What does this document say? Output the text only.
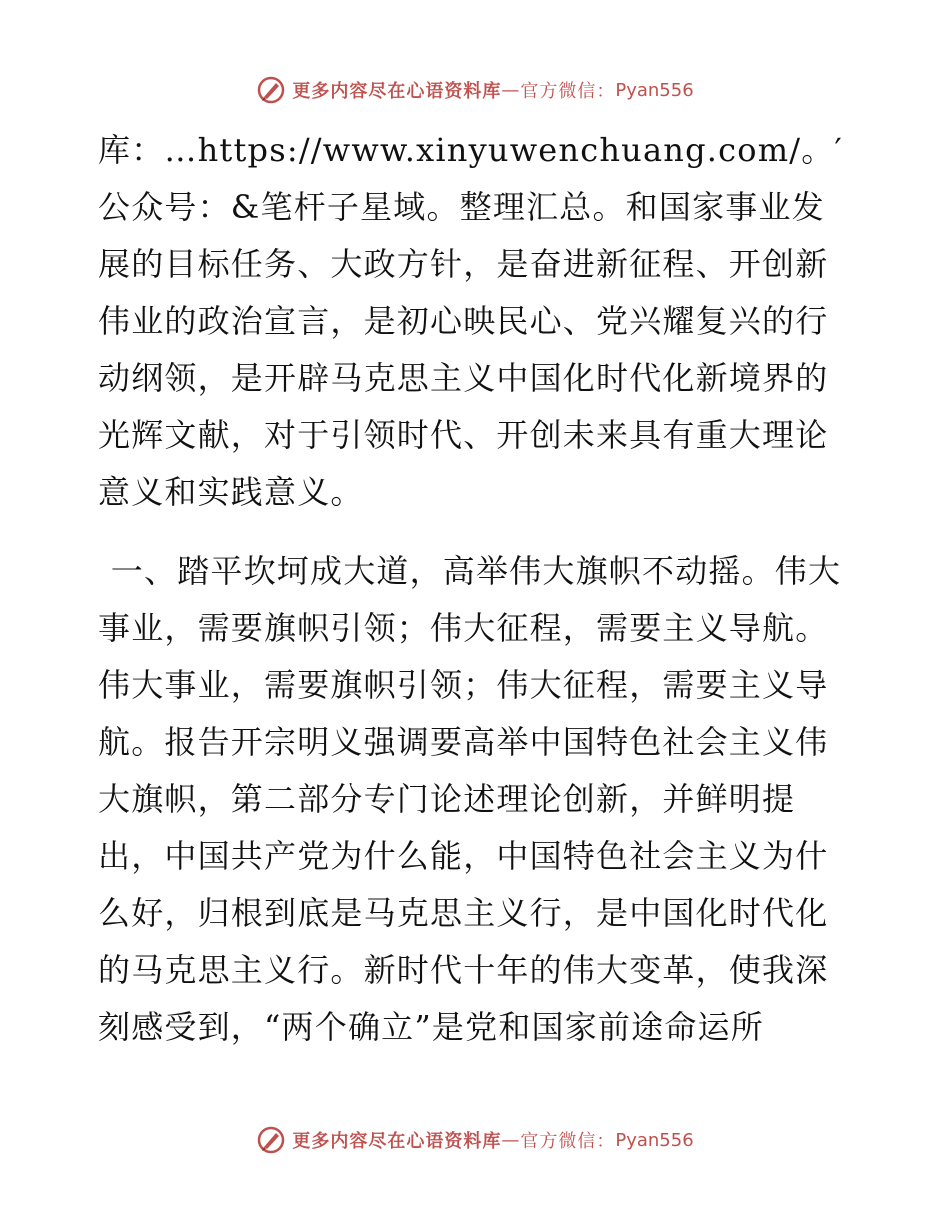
更多内容尽在心语资料库 — 官方微信： Pyan556

库：…https://www.xinyuwenchuang.com/。′公众号：&笔杆子星域。整理汇总。和国家事业发展的目标任务、大政方针，是奋进新征程、开创新伟业的政治宣言，是初心映民心、党兴耀复兴的行动纲领，是开辟马克思主义中国化时代化新境界的光辉文献，对于引领时代、开创未来具有重大理论意义和实践意义。

一、踏平坎坷成大道，高举伟大旗帜不动摇。伟大事业，需要旗帜引领；伟大征程，需要主义导航。伟大事业，需要旗帜引领；伟大征程，需要主义导航。报告开宗明义强调要高举中国特色社会主义伟大旗帜，第二部分专门论述理论创新，并鲜明提出，中国共产党为什么能，中国特色社会主义为什么好，归根到底是马克思主义行，是中国化时代化的马克思主义行。新时代十年的伟大变革，使我深刻感受到，“两个确立”是党和国家前途命运所

更多内容尽在心语资料库 — 官方微信： Pyan556
